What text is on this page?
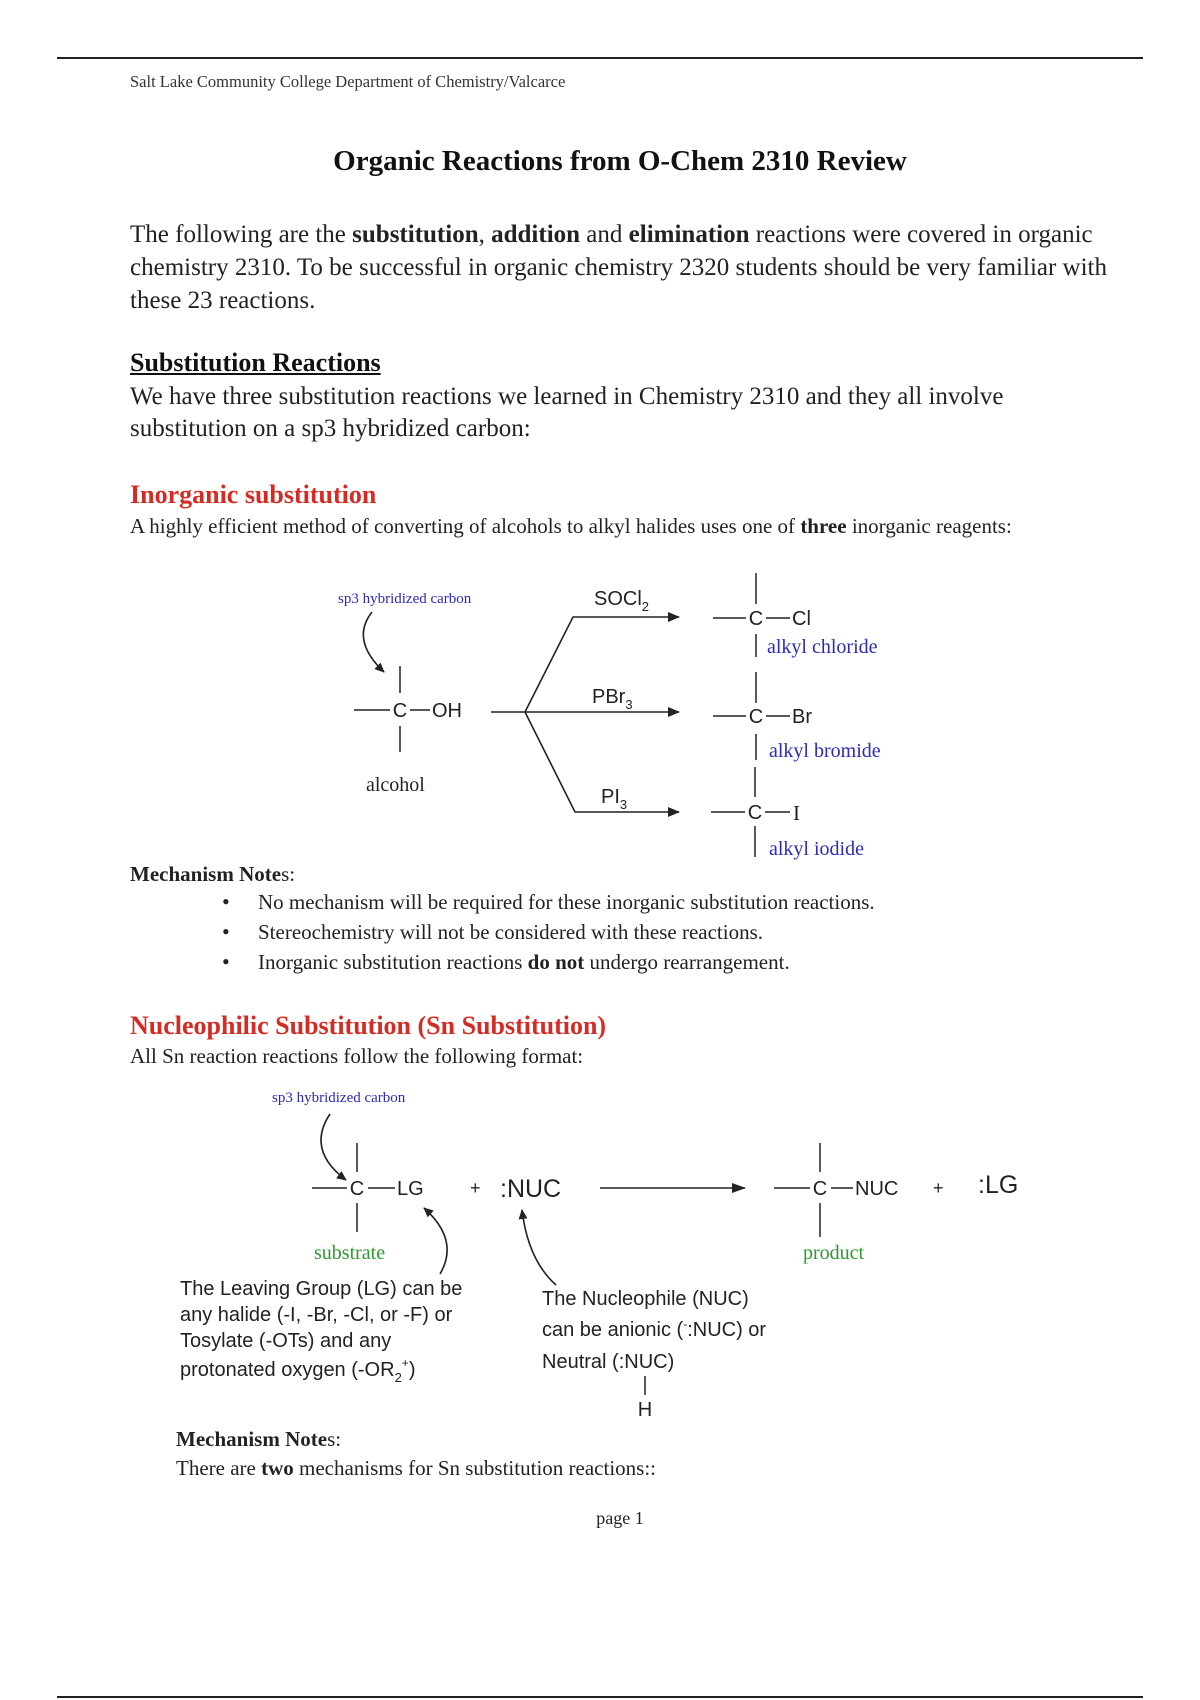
Salt Lake Community College Department of Chemistry/Valcarce
Organic Reactions from O-Chem 2310 Review
The following are the substitution, addition and elimination reactions were covered in organic chemistry 2310. To be successful in organic chemistry 2320 students should be very familiar with these 23 reactions.
Substitution Reactions
We have three substitution reactions we learned in Chemistry 2310 and they all involve substitution on a sp3 hybridized carbon:
Inorganic substitution
A highly efficient method of converting of alcohols to alkyl halides uses one of three inorganic reagents:
sp3 hybridized carbon
C OH
alcohol
SOCl$_2$
PBr$_3$
$PI_3$
C Cl
alkyl chloride
C Br
alkyl bromide
C I
alkyl iodide
Mechanism Notes:
• No mechanism will be required for these inorganic substitution reactions.
• Stereochemistry will not be considered with these reactions.
• Inorganic substitution reactions do not undergo rearrangement.
Nucleophilic Substitution (Sn Substitution)
All Sn reaction reactions follow the following format:
sp3 hybridized carbon
C LG
substrate
+ :NUC	C NUC
product
+ :LG
The Leaving Group (LG) can be
any halide (-I, -Br, -Cl, or -F) or
Tosylate (-OTs) and any
protonated oxygen $(-OR_2^+)$
The Nucleophile (NUC)
can be anionic (-:NUC) or
Neutral (:NUC)
H
Mechanism Notes:
There are two mechanisms for Sn substitution reactions::
page 1
